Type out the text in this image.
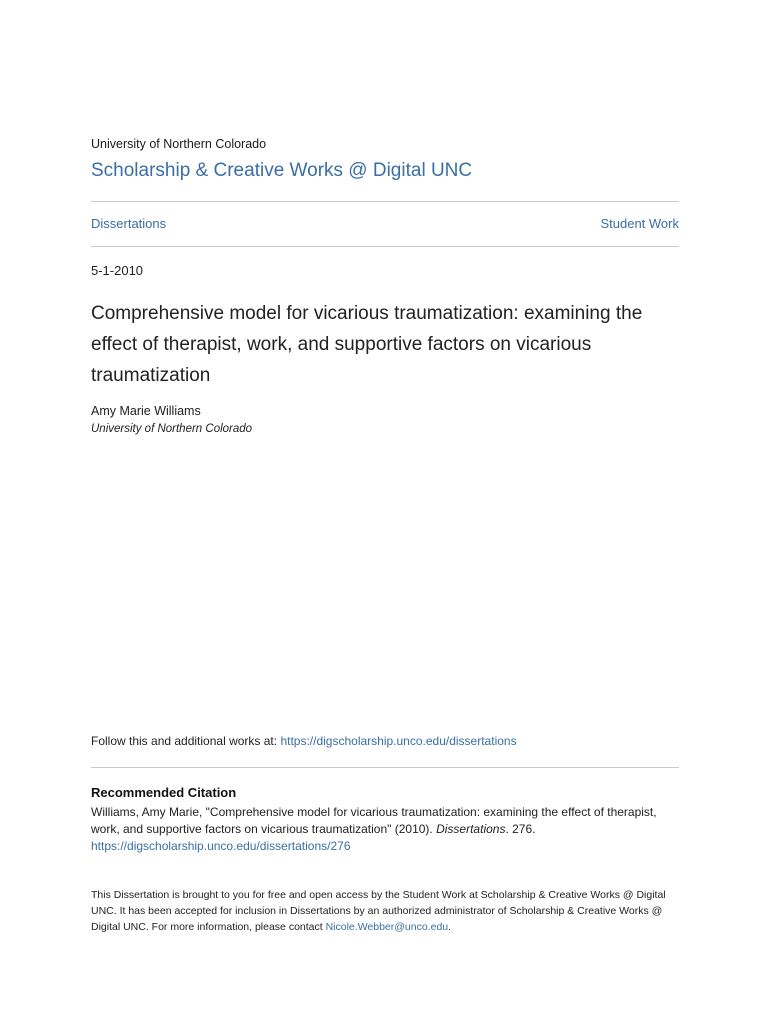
University of Northern Colorado
Scholarship & Creative Works @ Digital UNC
Dissertations	Student Work
5-1-2010
Comprehensive model for vicarious traumatization: examining the effect of therapist, work, and supportive factors on vicarious traumatization
Amy Marie Williams
University of Northern Colorado
Follow this and additional works at: https://digscholarship.unco.edu/dissertations
Recommended Citation
Williams, Amy Marie, "Comprehensive model for vicarious traumatization: examining the effect of therapist, work, and supportive factors on vicarious traumatization" (2010). Dissertations. 276.
https://digscholarship.unco.edu/dissertations/276
This Dissertation is brought to you for free and open access by the Student Work at Scholarship & Creative Works @ Digital UNC. It has been accepted for inclusion in Dissertations by an authorized administrator of Scholarship & Creative Works @ Digital UNC. For more information, please contact Nicole.Webber@unco.edu.
